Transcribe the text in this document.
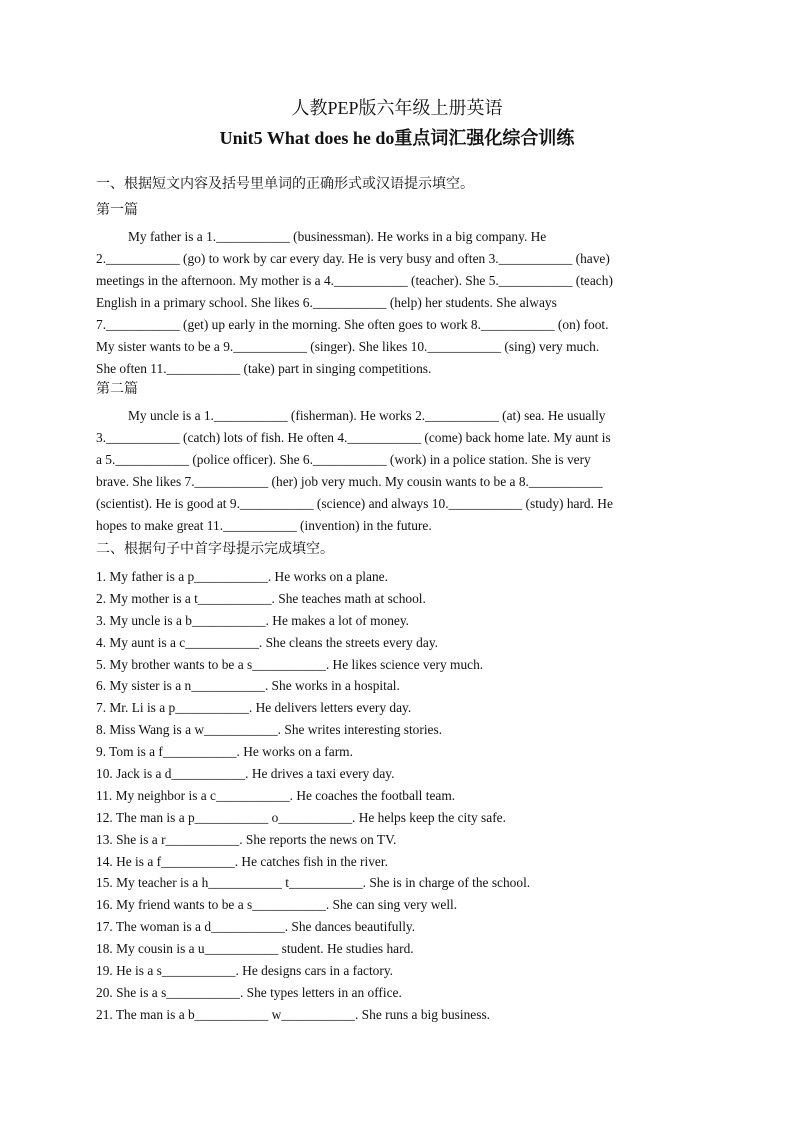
人教PEP版六年级上册英语
Unit5 What does he do重点词汇强化综合训练
一、根据短文内容及括号里单词的正确形式或汉语提示填空。
第一篇
My father is a 1.___________ (businessman). He works in a big company. He
2.___________ (go) to work by car every day. He is very busy and often 3.___________ (have)
meetings in the afternoon. My mother is a 4.___________ (teacher). She 5.___________ (teach)
English in a primary school. She likes 6.___________ (help) her students. She always
7.___________ (get) up early in the morning. She often goes to work 8.___________ (on) foot.
My sister wants to be a 9.___________ (singer). She likes 10.___________ (sing) very much.
She often 11.___________ (take) part in singing competitions.
第二篇
My uncle is a 1.___________ (fisherman). He works 2.___________ (at) sea. He usually
3.___________ (catch) lots of fish. He often 4.___________ (come) back home late. My aunt is
a 5.___________ (police officer). She 6.___________ (work) in a police station. She is very
brave. She likes 7.___________ (her) job very much. My cousin wants to be a 8.___________
(scientist). He is good at 9.___________ (science) and always 10.___________ (study) hard. He
hopes to make great 11.___________ (invention) in the future.
二、根据句子中首字母提示完成填空。
1. My father is a p___________. He works on a plane.
2. My mother is a t___________. She teaches math at school.
3. My uncle is a b___________. He makes a lot of money.
4. My aunt is a c___________. She cleans the streets every day.
5. My brother wants to be a s___________. He likes science very much.
6. My sister is a n___________. She works in a hospital.
7. Mr. Li is a p___________. He delivers letters every day.
8. Miss Wang is a w___________. She writes interesting stories.
9. Tom is a f___________. He works on a farm.
10. Jack is a d___________. He drives a taxi every day.
11. My neighbor is a c___________. He coaches the football team.
12. The man is a p___________ o___________. He helps keep the city safe.
13. She is a r___________. She reports the news on TV.
14. He is a f___________. He catches fish in the river.
15. My teacher is a h___________ t___________. She is in charge of the school.
16. My friend wants to be a s___________. She can sing very well.
17. The woman is a d___________. She dances beautifully.
18. My cousin is a u___________ student. He studies hard.
19. He is a s___________. He designs cars in a factory.
20. She is a s___________. She types letters in an office.
21. The man is a b___________ w___________. She runs a big business.
